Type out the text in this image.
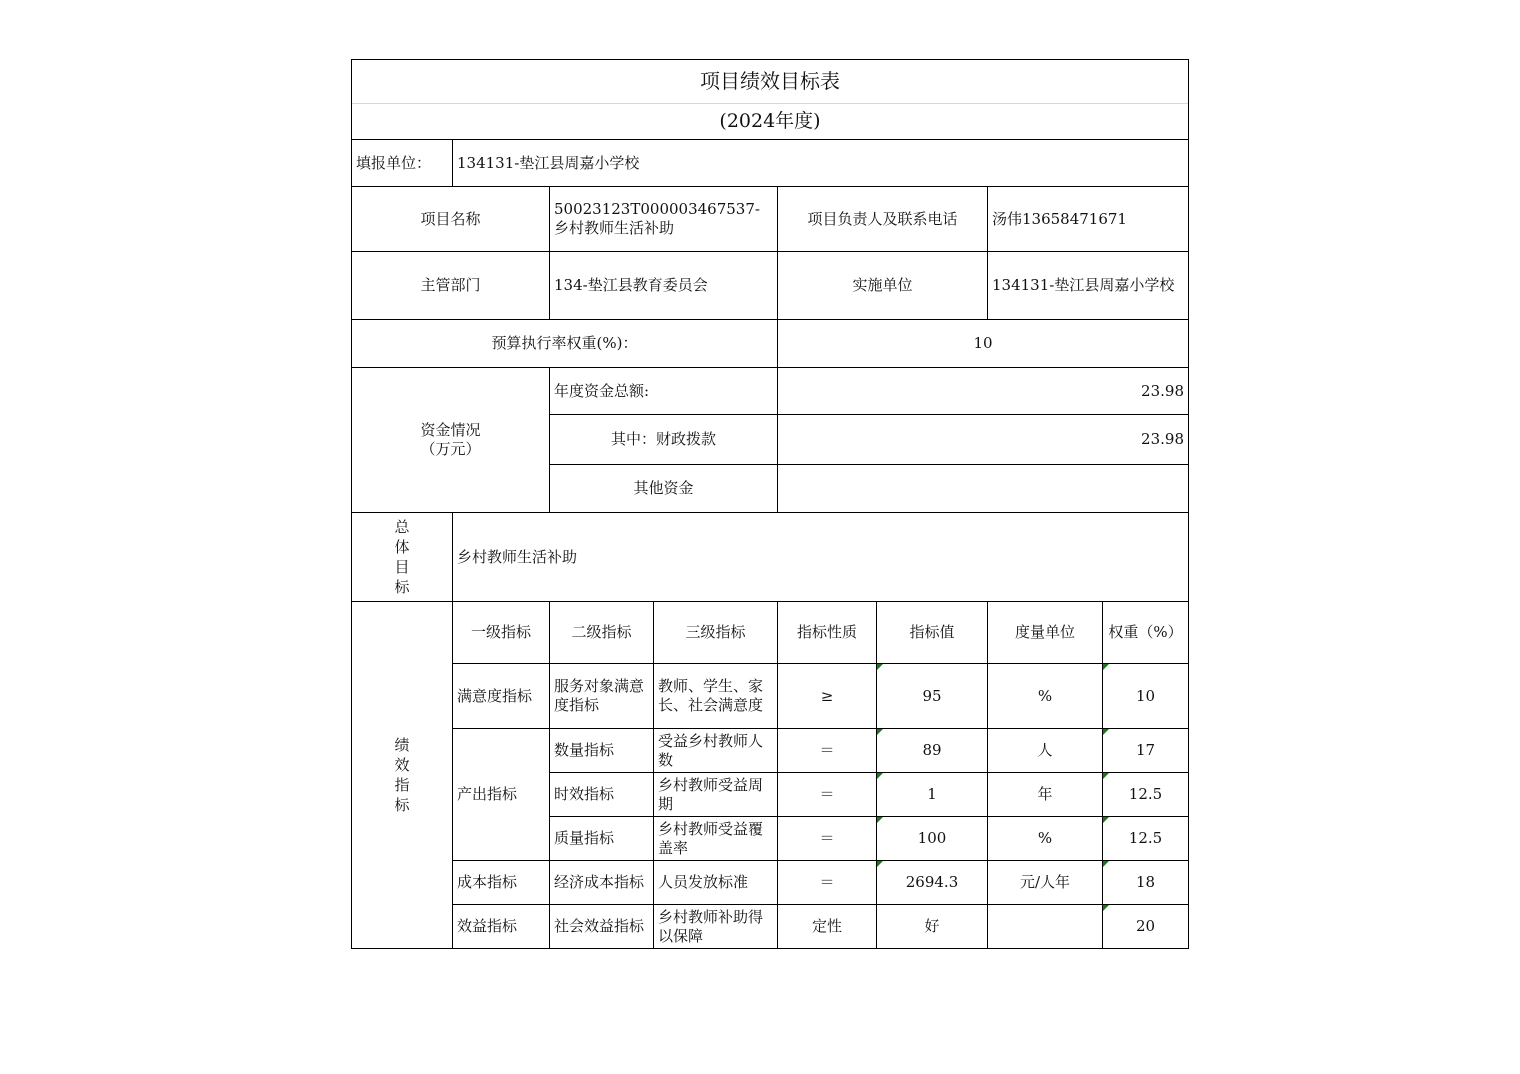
项目绩效目标表							
(2024年度)							
填报单位：	134131-垫江县周嘉小学校						
项目名称		50023123T000003467537-乡村教师生活补助		项目负责人及联系电话		汤伟13658471671	
主管部门		134-垫江县教育委员会		实施单位		134131-垫江县周嘉小学校	
预算执行率权重(%)：				10			

资金情况
（万元）		年度资金总额:		23.98			
		其中：财政拨款		23.98			
		其他资金					

总
体
目
标	乡村教师生活补助						

绩
效
指
标	一级指标	二级指标	三级指标	指标性质	指标值	度量单位	权重（%）
	满意度指标	服务对象满意度指标	教师、学生、家长、社会满意度	≥	95	%	10
	产出指标	数量指标	受益乡村教师人数	＝	89	人	17
		时效指标	乡村教师受益周期	＝	1	年	12.5
		质量指标	乡村教师受益覆盖率	＝	100	%	12.5
	成本指标	经济成本指标	人员发放标准	＝	2694.3	元/人年	18
	效益指标	社会效益指标	乡村教师补助得以保障	定性	好		20
